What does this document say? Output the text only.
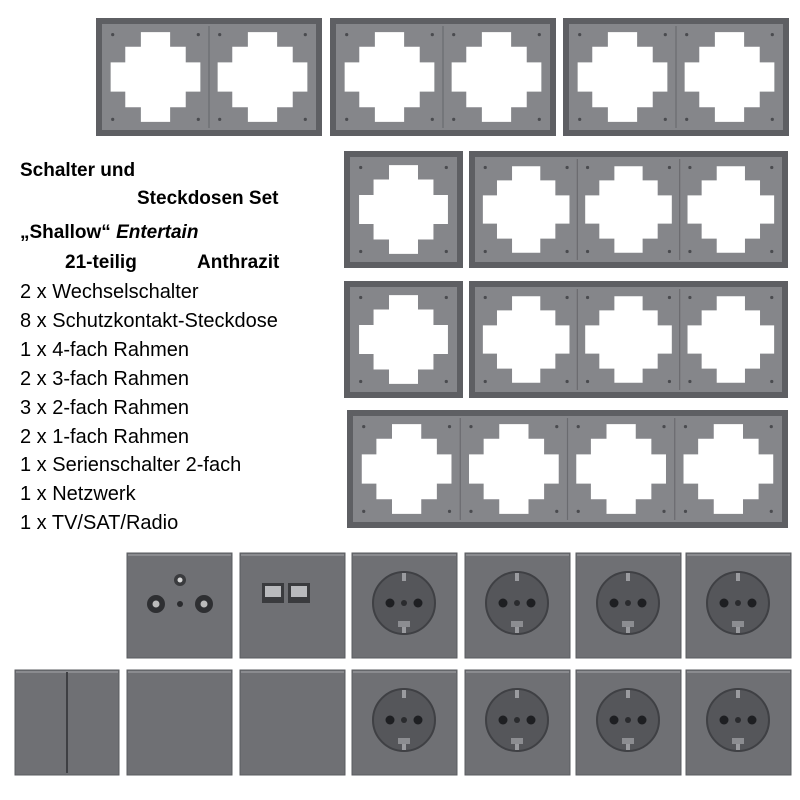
Schalter und
Steckdosen Set
„Shallow“ Entertain
21-teilig	Anthrazit
2 x Wechselschalter
8 x Schutzkontakt-Steckdose
1 x 4-fach Rahmen
2 x 3-fach Rahmen
3 x 2-fach Rahmen
2 x 1-fach Rahmen
1 x Serienschalter 2-fach
1 x Netzwerk
1 x TV/SAT/Radio
